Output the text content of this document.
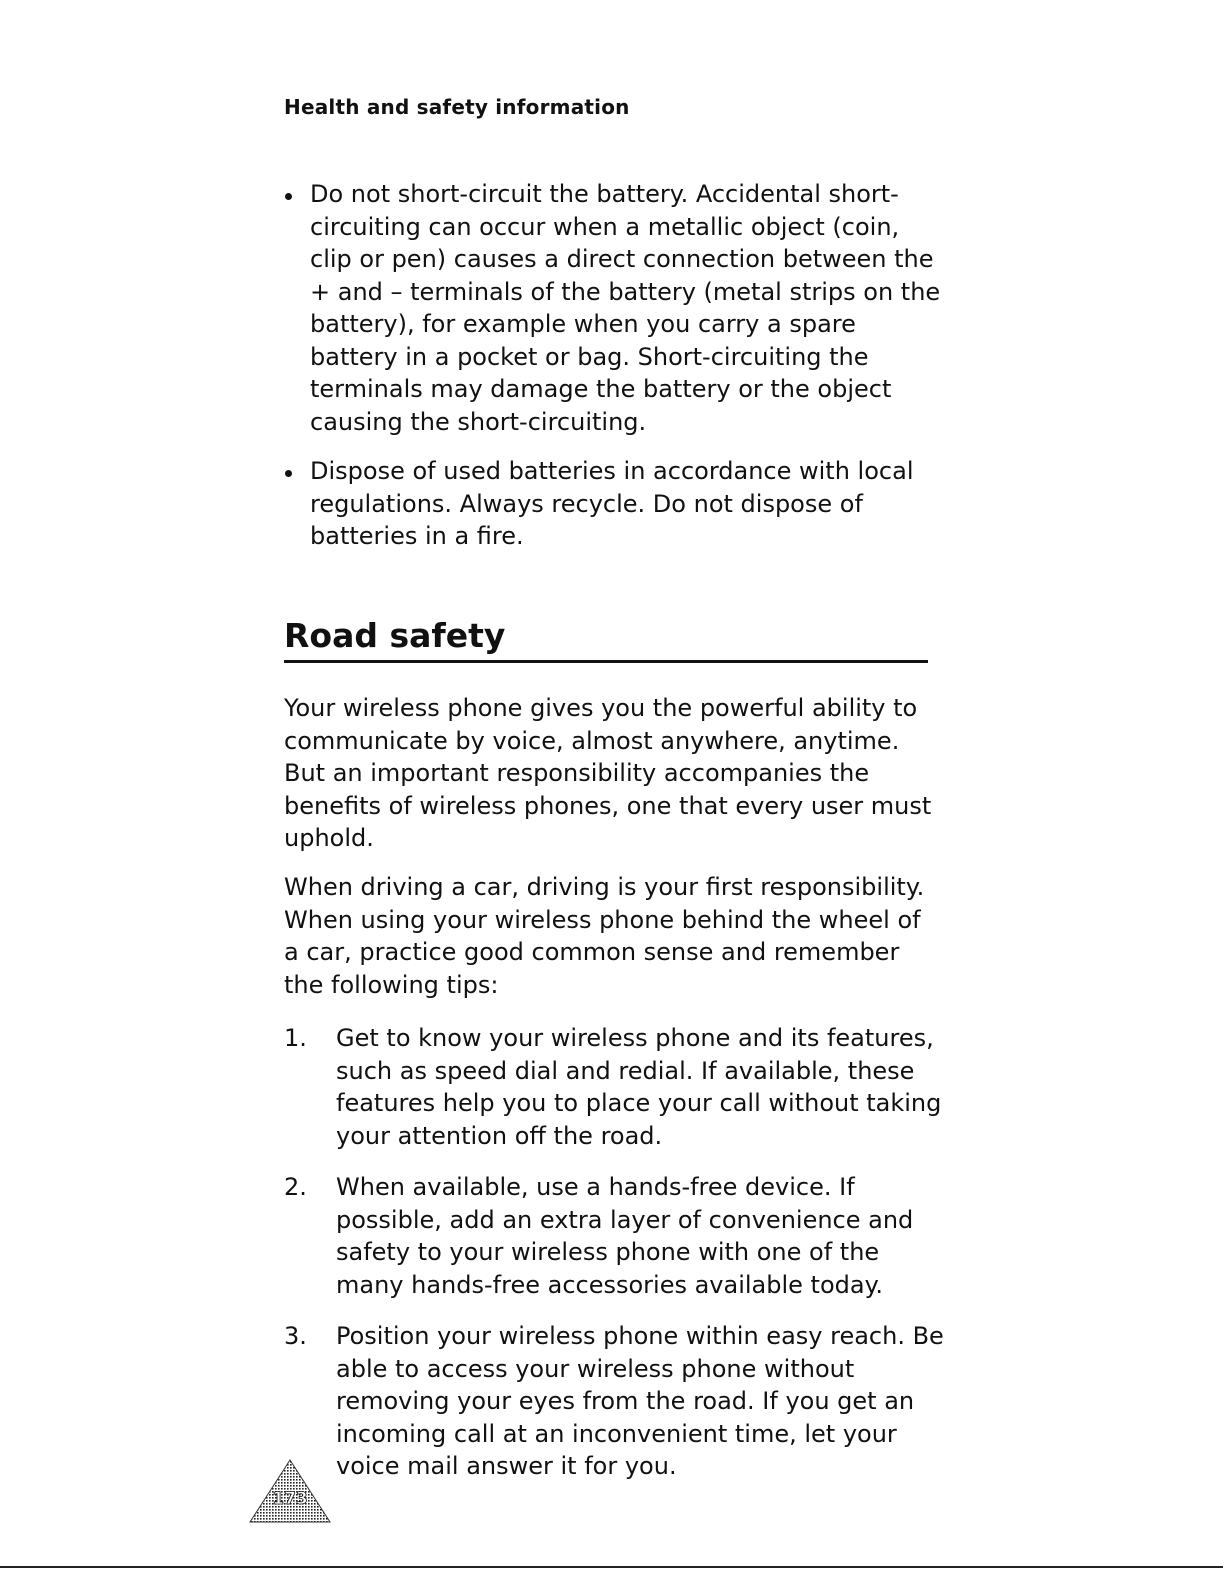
Health and safety information
Do not short-circuit the battery. Accidental short-circuiting can occur when a metallic object (coin, clip or pen) causes a direct connection between the + and – terminals of the battery (metal strips on the battery), for example when you carry a spare battery in a pocket or bag. Short-circuiting the terminals may damage the battery or the object causing the short-circuiting.
Dispose of used batteries in accordance with local regulations. Always recycle. Do not dispose of batteries in a fire.
Road safety

Your wireless phone gives you the powerful ability to communicate by voice, almost anywhere, anytime. But an important responsibility accompanies the benefits of wireless phones, one that every user must uphold.

When driving a car, driving is your first responsibility. When using your wireless phone behind the wheel of a car, practice good common sense and remember the following tips:

1. Get to know your wireless phone and its features, such as speed dial and redial. If available, these features help you to place your call without taking your attention off the road.
2. When available, use a hands-free device. If possible, add an extra layer of convenience and safety to your wireless phone with one of the many hands-free accessories available today.
3. Position your wireless phone within easy reach. Be able to access your wireless phone without removing your eyes from the road. If you get an incoming call at an inconvenient time, let your voice mail answer it for you.
173
